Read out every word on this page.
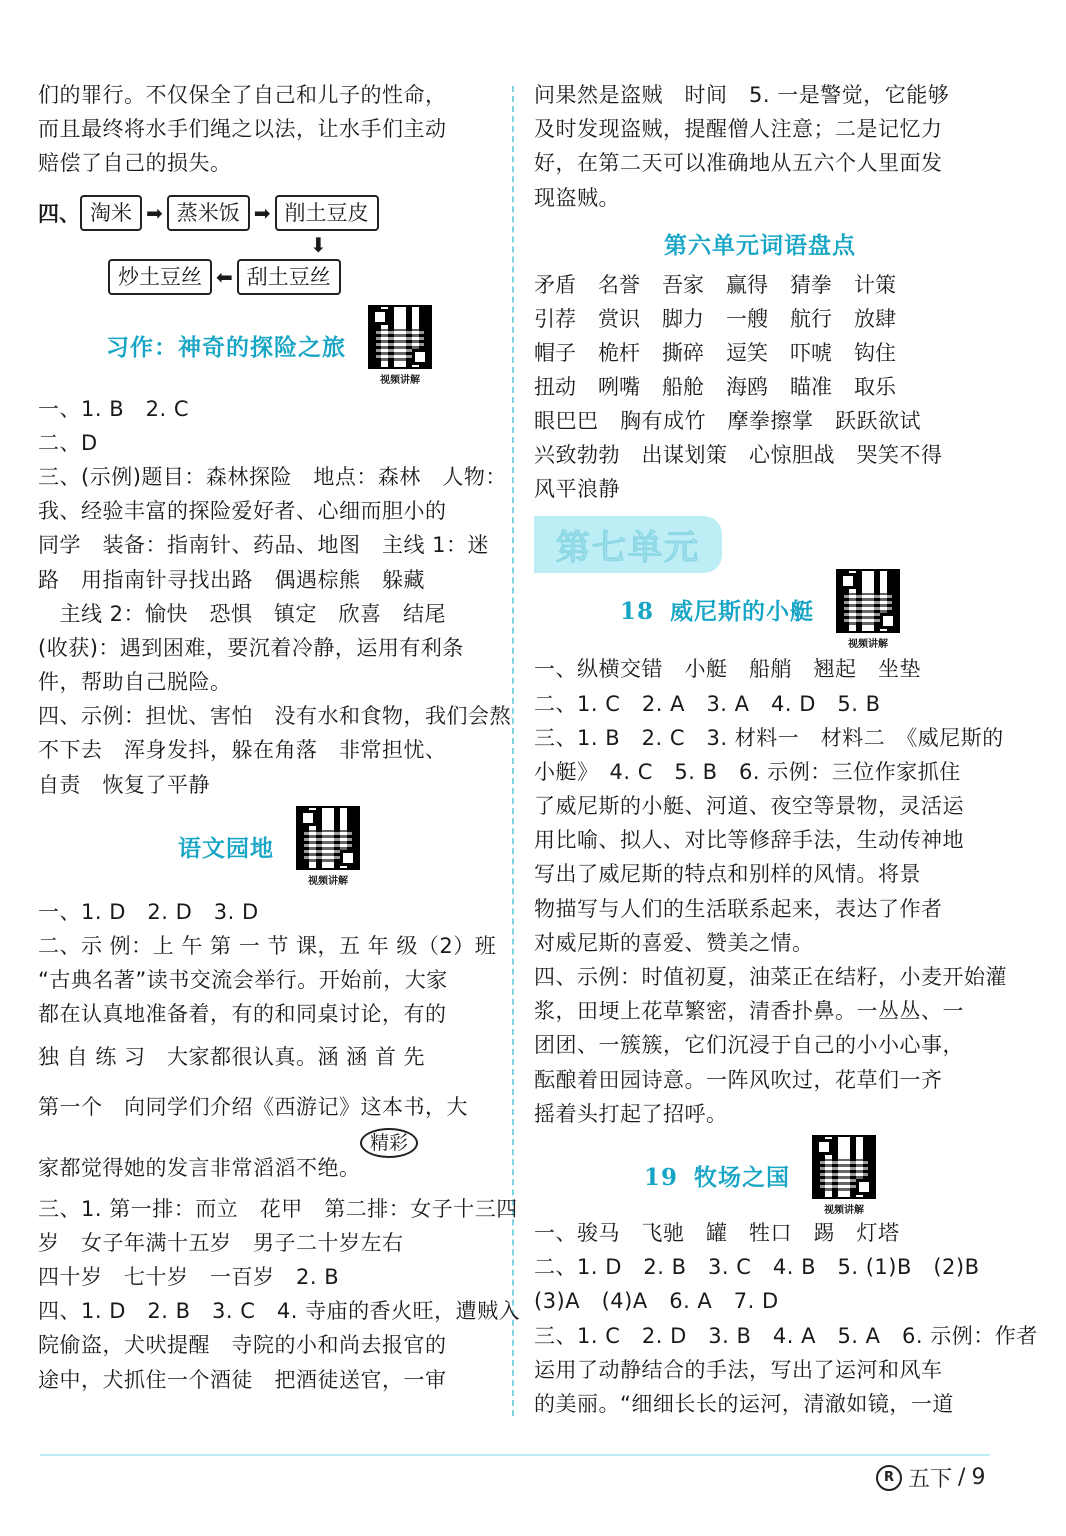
们的罪行。不仅保全了自己和儿子的性命，
而且最终将水手们绳之以法，让水手们主动
赔偿了自己的损失。
四、 淘米 ➡ 蒸米饭 ➡ 削土豆皮
⬇
炒土豆丝 ⬅ 刮土豆丝
习作：神奇的探险之旅
视频讲解
一、1. B　2. C
二、D
三、(示例)题目：森林探险　地点：森林　人物：
我、经验丰富的探险爱好者、心细而胆小的
同学　装备：指南针、药品、地图　主线 1：迷
路　用指南针寻找出路　偶遇棕熊　躲藏
　主线 2：愉快　恐惧　镇定　欣喜　结尾
(收获)：遇到困难，要沉着冷静，运用有利条
件，帮助自己脱险。
四、示例：担忧、害怕　没有水和食物，我们会熬
不下去　浑身发抖，躲在角落　非常担忧、
自责　恢复了平静
语文园地
视频讲解
一、1. D　2. D　3. D
二、示 例：上 午 第 一 节 课，五 年 级（2）班
“古典名著”读书交流会举行。开始前，大家
都在认真地准备着，有的和同桌讨论，有的
独 自 练 习　大家都很认真。涵 涵 首 先
第一个　向同学们介绍《西游记》这本书，大
精彩
家都觉得她的发言非常滔滔不绝。
三、1. 第一排：而立　花甲　第二排：女子十三四
岁　女子年满十五岁　男子二十岁左右
四十岁　七十岁　一百岁　2. B
四、1. D　2. B　3. C　4. 寺庙的香火旺，遭贼入
院偷盗，犬吠提醒　寺院的小和尚去报官的
途中，犬抓住一个酒徒　把酒徒送官，一审
问果然是盗贼　时间　5. 一是警觉，它能够
及时发现盗贼，提醒僧人注意；二是记忆力
好，在第二天可以准确地从五六个人里面发
现盗贼。
第六单元词语盘点
矛盾 名誉 吾家 赢得 猜拳 计策
引荐 赏识 脚力 一艘 航行 放肆
帽子 桅杆 撕碎 逗笑 吓唬 钩住
扭动 咧嘴 船舱 海鸥 瞄准 取乐
眼巴巴　胸有成竹　摩拳擦掌　跃跃欲试
兴致勃勃　出谋划策　心惊胆战　哭笑不得
风平浪静
第七单元
18 威尼斯的小艇
视频讲解
一、纵横交错　小艇　船艄　翘起　坐垫
二、1. C　2. A　3. A　4. D　5. B
三、1. B　2. C　3. 材料一　材料二　《威尼斯的
小艇》　4. C　5. B　6. 示例：三位作家抓住
了威尼斯的小艇、河道、夜空等景物，灵活运
用比喻、拟人、对比等修辞手法，生动传神地
写出了威尼斯的特点和别样的风情。将景
物描写与人们的生活联系起来，表达了作者
对威尼斯的喜爱、赞美之情。
四、示例：时值初夏，油菜正在结籽，小麦开始灌
浆，田埂上花草繁密，清香扑鼻。一丛丛、一
团团、一簇簇，它们沉浸于自己的小小心事，
酝酿着田园诗意。一阵风吹过，花草们一齐
摇着头打起了招呼。
19 牧场之国
视频讲解
一、骏马　飞驰　罐　牲口　踢　灯塔
二、1. D　2. B　3. C　4. B　5. (1)B　(2)B
(3)A　(4)A　6. A　7. D
三、1. C　2. D　3. B　4. A　5. A　6. 示例：作者
运用了动静结合的手法，写出了运河和风车
的美丽。“细细长长的运河，清澈如镜，一道
R 五下 / 9
